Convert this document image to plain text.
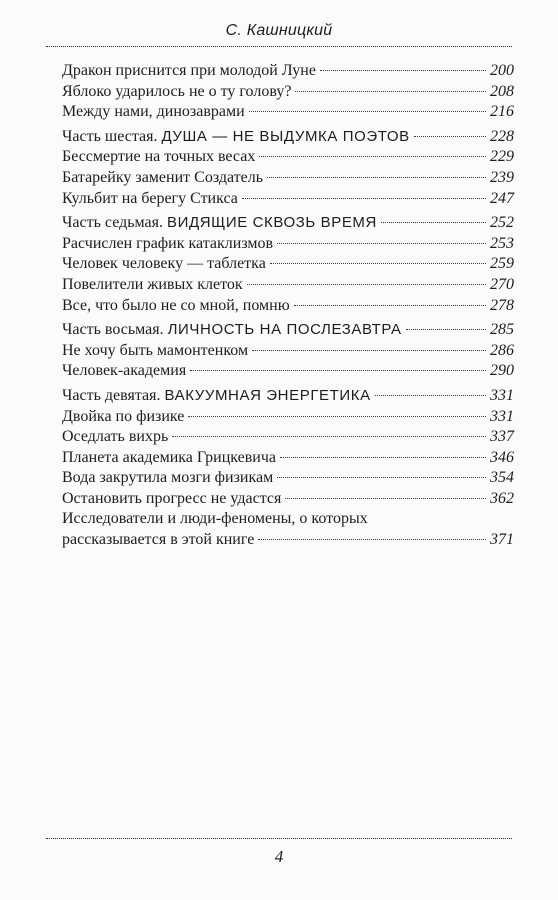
С. Кашницкий
Дракон приснится при молодой Луне	200
Яблоко ударилось не о ту голову?	208
Между нами, динозаврами	216
Часть шестая. ДУША — НЕ ВЫДУМКА ПОЭТОВ	228
Бессмертие на точных весах	229
Батарейку заменит Создатель	239
Кульбит на берегу Стикса	247
Часть седьмая. ВИДЯЩИЕ СКВОЗЬ ВРЕМЯ	252
Расчислен график катаклизмов	253
Человек человеку — таблетка	259
Повелители живых клеток	270
Все, что было не со мной, помню	278
Часть восьмая. ЛИЧНОСТЬ НА ПОСЛЕЗАВТРА	285
Не хочу быть мамонтенком	286
Человек-академия	290
Часть девятая. ВАКУУМНАЯ ЭНЕРГЕТИКА	331
Двойка по физике	331
Оседлать вихрь	337
Планета академика Грицкевича	346
Вода закрутила мозги физикам	354
Остановить прогресс не удастся	362
Исследователи и люди-феномены, о которых
рассказывается в этой книге	371
4
